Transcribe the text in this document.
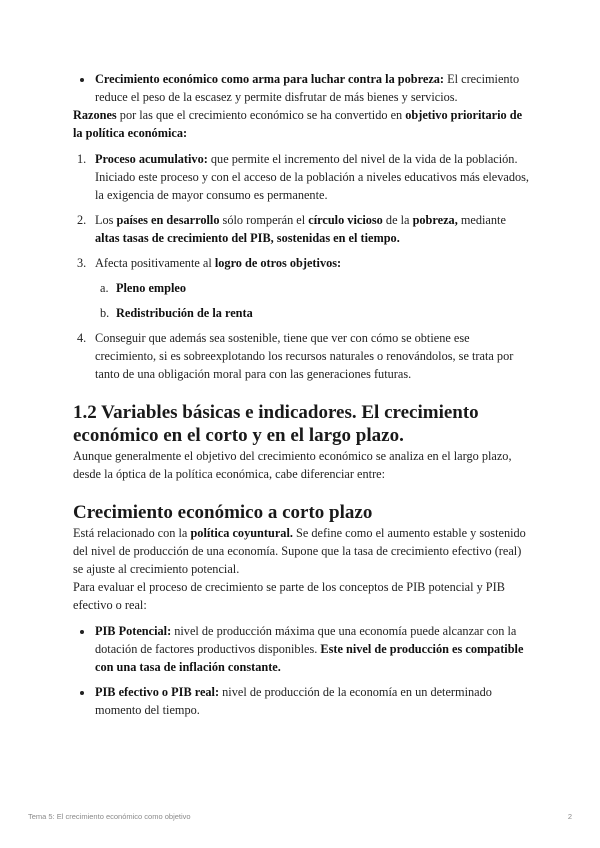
Crecimiento económico como arma para luchar contra la pobreza: El crecimiento reduce el peso de la escasez y permite disfrutar de más bienes y servicios.

Razones por las que el crecimiento económico se ha convertido en objetivo prioritario de la política económica:

1. Proceso acumulativo: que permite el incremento del nivel de la vida de la población. Iniciado este proceso y con el acceso de la población a niveles educativos más elevados, la exigencia de mayor consumo es permanente.
2. Los países en desarrollo sólo romperán el círculo vicioso de la pobreza, mediante altas tasas de crecimiento del PIB, sostenidas en el tiempo.
3. Afecta positivamente al logro de otros objetivos:
a. Pleno empleo
b. Redistribución de la renta
4. Conseguir que además sea sostenible, tiene que ver con cómo se obtiene ese crecimiento, si es sobreexplotando los recursos naturales o renovándolos, se trata por tanto de una obligación moral para con las generaciones futuras.
1.2 Variables básicas e indicadores. El crecimiento económico en el corto y en el largo plazo.

Aunque generalmente el objetivo del crecimiento económico se analiza en el largo plazo, desde la óptica de la política económica, cabe diferenciar entre:

Crecimiento económico a corto plazo

Está relacionado con la política coyuntural. Se define como el aumento estable y sostenido del nivel de producción de una economía. Supone que la tasa de crecimiento efectivo (real) se ajuste al crecimiento potencial.

Para evaluar el proceso de crecimiento se parte de los conceptos de PIB potencial y PIB efectivo o real:

PIB Potencial: nivel de producción máxima que una economía puede alcanzar con la dotación de factores productivos disponibles. Este nivel de producción es compatible con una tasa de inflación constante.
PIB efectivo o PIB real: nivel de producción de la economía en un determinado momento del tiempo.
Tema 5: El crecimiento económico como objetivo	2
